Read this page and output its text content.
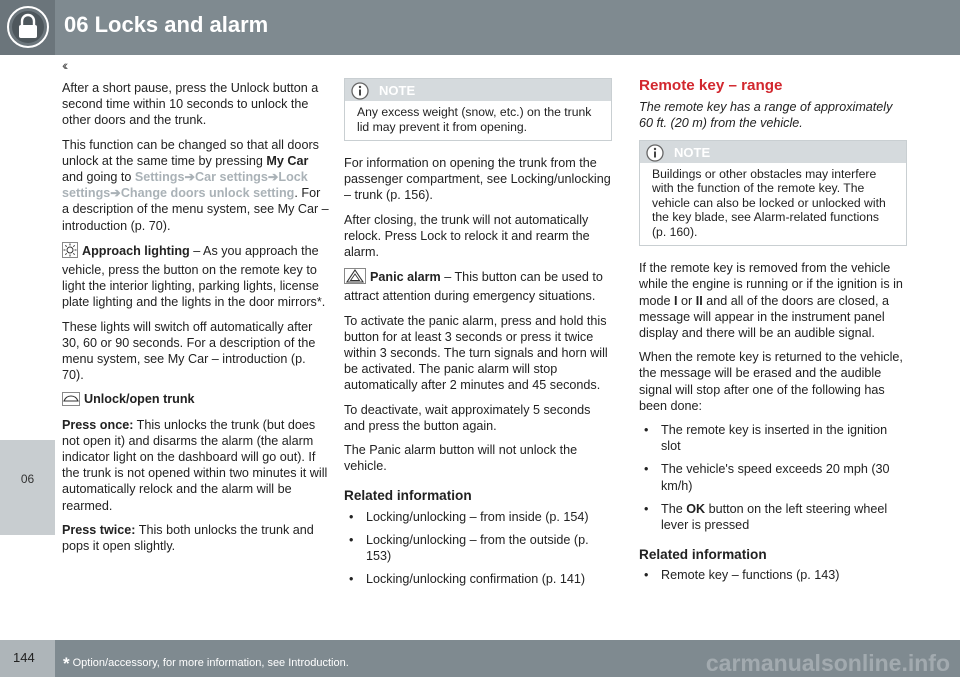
06 Locks and alarm
06
‹‹

After a short pause, press the Unlock button a second time within 10 seconds to unlock the other doors and the trunk.

This function can be changed so that all doors unlock at the same time by pressing My Car and going to Settings➔Car settings➔Lock settings➔Change doors unlock setting. For a description of the menu system, see My Car – introduction (p. 70).

Approach lighting – As you approach the vehicle, press the button on the remote key to light the interior lighting, parking lights, license plate lighting and the lights in the door mirrors*.

These lights will switch off automatically after 30, 60 or 90 seconds. For a description of the menu system, see My Car – introduction (p. 70).

Unlock/open trunk

Press once: This unlocks the trunk (but does not open it) and disarms the alarm (the alarm indicator light on the dashboard will go out). If the trunk is not opened within two minutes it will automatically relock and the alarm will be rearmed.

Press twice: This both unlocks the trunk and pops it open slightly.

NOTE
Any excess weight (snow, etc.) on the trunk lid may prevent it from opening.

For information on opening the trunk from the passenger compartment, see Locking/unlocking – trunk (p. 156).

After closing, the trunk will not automatically relock. Press Lock to relock it and rearm the alarm.

Panic alarm – This button can be used to attract attention during emergency situations.

To activate the panic alarm, press and hold this button for at least 3 seconds or press it twice within 3 seconds. The turn signals and horn will be activated. The panic alarm will stop automatically after 2 minutes and 45 seconds.

To deactivate, wait approximately 5 seconds and press the button again.

The Panic alarm button will not unlock the vehicle.

Related information
• Locking/unlocking – from inside (p. 154)
• Locking/unlocking – from the outside (p. 153)
• Locking/unlocking confirmation (p. 141)
Remote key – range

The remote key has a range of approximately 60 ft. (20 m) from the vehicle.

NOTE
Buildings or other obstacles may interfere with the function of the remote key. The vehicle can also be locked or unlocked with the key blade, see Alarm-related functions (p. 160).

If the remote key is removed from the vehicle while the engine is running or if the ignition is in mode I or II and all of the doors are closed, a message will appear in the instrument panel display and there will be an audible signal.

When the remote key is returned to the vehicle, the message will be erased and the audible signal will stop after one of the following has been done:

• The remote key is inserted in the ignition slot
• The vehicle's speed exceeds 20 mph (30 km/h)
• The OK button on the left steering wheel lever is pressed
Related information
• Remote key – functions (p. 143)
144 * Option/accessory, for more information, see Introduction.	carmanualsonline.info
